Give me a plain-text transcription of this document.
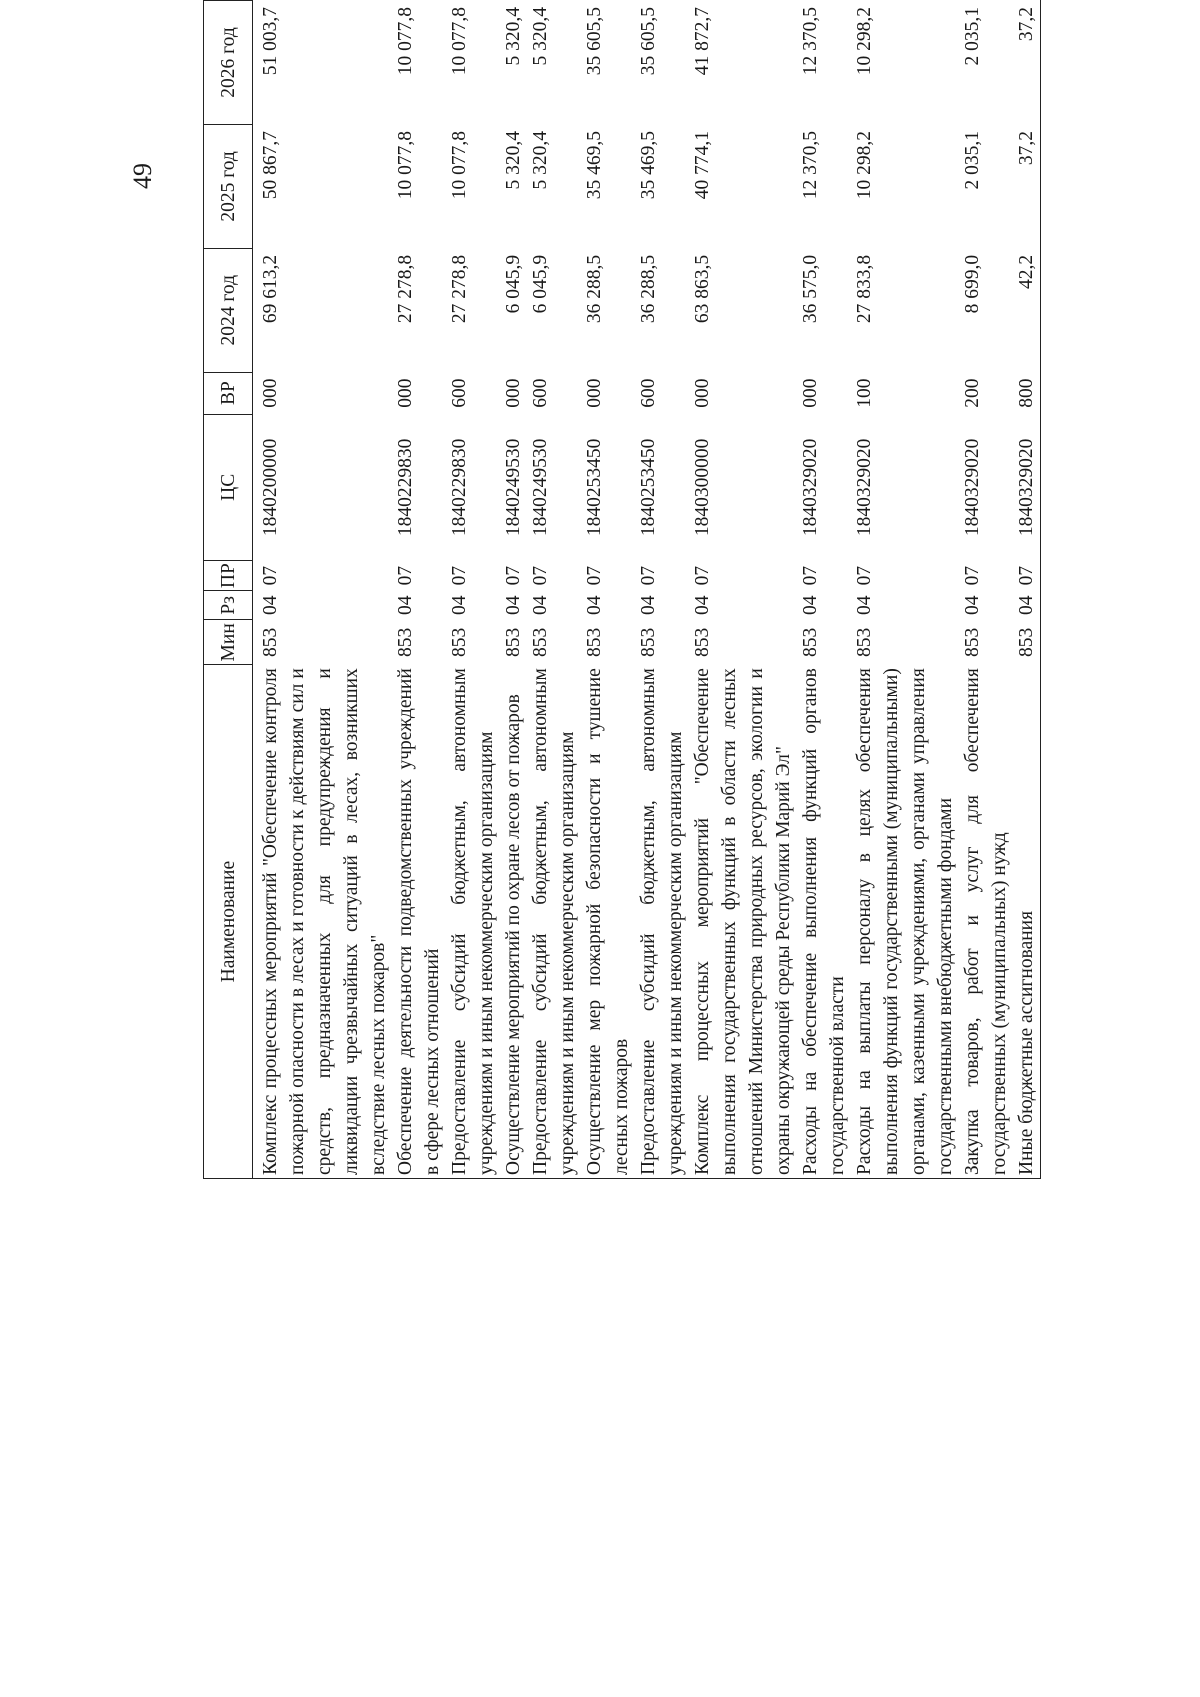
49
Наименование	Мин	Рз	ПР	ЦС	ВР	2024 год	2025 год	2026 год
Комплекс процессных мероприятий "Обеспечение контроля пожарной опасности в лесах и готовности к действиям сил и средств, предназначенных для предупреждения и ликвидации чрезвычайных ситуаций в лесах, возникших вследствие лесных пожаров"	853	04	07	1840200000	000	69 613,2	50 867,7	51 003,7
Обеспечение деятельности подведомственных учреждений в сфере лесных отношений	853	04	07	1840229830	000	27 278,8	10 077,8	10 077,8
Предоставление субсидий бюджетным, автономным учреждениям и иным некоммерческим организациям	853	04	07	1840229830	600	27 278,8	10 077,8	10 077,8
Осуществление мероприятий по охране лесов от пожаров	853	04	07	1840249530	000	6 045,9	5 320,4	5 320,4
Предоставление субсидий бюджетным, автономным учреждениям и иным некоммерческим организациям	853	04	07	1840249530	600	6 045,9	5 320,4	5 320,4
Осуществление мер пожарной безопасности и тушение лесных пожаров	853	04	07	1840253450	000	36 288,5	35 469,5	35 605,5
Предоставление субсидий бюджетным, автономным учреждениям и иным некоммерческим организациям	853	04	07	1840253450	600	36 288,5	35 469,5	35 605,5
Комплекс процессных мероприятий "Обеспечение выполнения государственных функций в области лесных отношений Министерства природных ресурсов, экологии и охраны окружающей среды Республики Марий Эл"	853	04	07	1840300000	000	63 863,5	40 774,1	41 872,7
Расходы на обеспечение выполнения функций органов государственной власти	853	04	07	1840329020	000	36 575,0	12 370,5	12 370,5
Расходы на выплаты персоналу в целях обеспечения выполнения функций государственными (муниципальными) органами, казенными учреждениями, органами управления государственными внебюджетными фондами	853	04	07	1840329020	100	27 833,8	10 298,2	10 298,2
Закупка товаров, работ и услуг для обеспечения государственных (муниципальных) нужд	853	04	07	1840329020	200	8 699,0	2 035,1	2 035,1
Иные бюджетные ассигнования	853	04	07	1840329020	800	42,2	37,2	37,2
